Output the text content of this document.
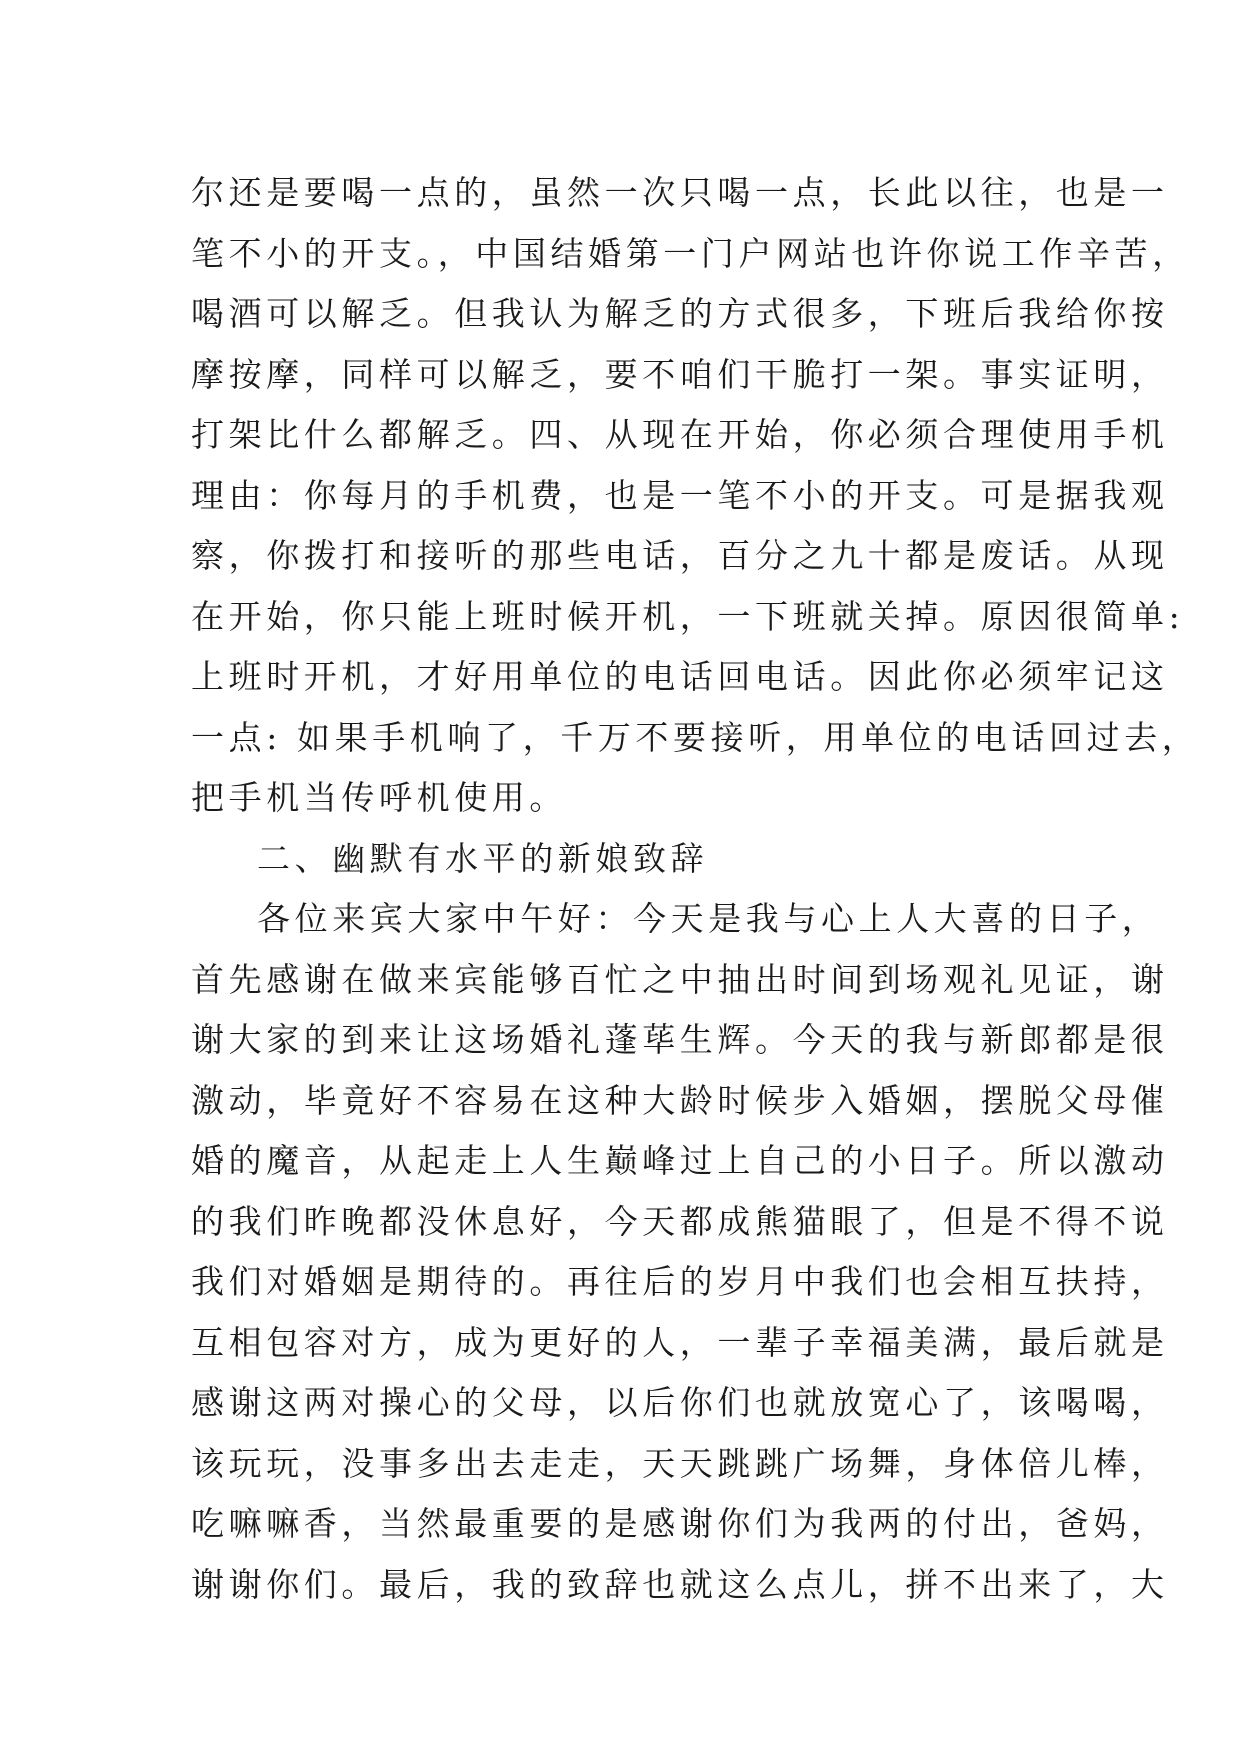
尔还是要喝一点的，虽然一次只喝一点，长此以往，也是一
笔不小的开支。，中国结婚第一门户网站也许你说工作辛苦，
喝酒可以解乏。但我认为解乏的方式很多，下班后我给你按
摩按摩，同样可以解乏，要不咱们干脆打一架。事实证明，
打架比什么都解乏。四、从现在开始，你必须合理使用手机
理由：你每月的手机费，也是一笔不小的开支。可是据我观
察，你拨打和接听的那些电话，百分之九十都是废话。从现
在开始，你只能上班时候开机，一下班就关掉。原因很简单:
上班时开机，才好用单位的电话回电话。因此你必须牢记这
一点: 如果手机响了，千万不要接听，用单位的电话回过去，
把手机当传呼机使用。
二、幽默有水平的新娘致辞
各位来宾大家中午好：今天是我与心上人大喜的日子，
首先感谢在做来宾能够百忙之中抽出时间到场观礼见证，谢
谢大家的到来让这场婚礼蓬荜生辉。今天的我与新郎都是很
激动，毕竟好不容易在这种大龄时候步入婚姻，摆脱父母催
婚的魔音，从起走上人生巅峰过上自己的小日子。所以激动
的我们昨晚都没休息好，今天都成熊猫眼了，但是不得不说
我们对婚姻是期待的。再往后的岁月中我们也会相互扶持，
互相包容对方，成为更好的人，一辈子幸福美满，最后就是
感谢这两对操心的父母，以后你们也就放宽心了，该喝喝，
该玩玩，没事多出去走走，天天跳跳广场舞，身体倍儿棒，
吃嘛嘛香，当然最重要的是感谢你们为我两的付出，爸妈，
谢谢你们。最后，我的致辞也就这么点儿，拼不出来了，大
